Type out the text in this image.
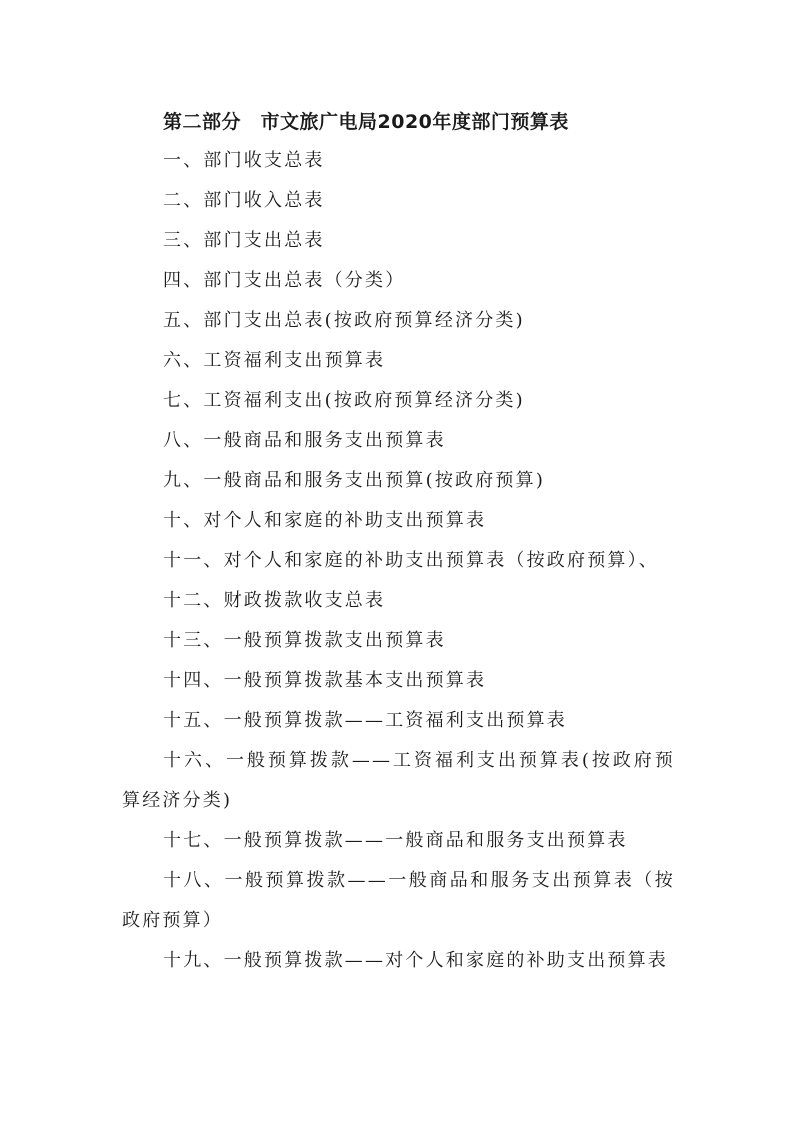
第二部分　市文旅广电局2020年度部门预算表
一、部门收支总表
二、部门收入总表
三、部门支出总表
四、部门支出总表（分类）
五、部门支出总表(按政府预算经济分类)
六、工资福利支出预算表
七、工资福利支出(按政府预算经济分类)
八、一般商品和服务支出预算表
九、一般商品和服务支出预算(按政府预算)
十、对个人和家庭的补助支出预算表
十一、对个人和家庭的补助支出预算表（按政府预算）、
十二、财政拨款收支总表
十三、一般预算拨款支出预算表
十四、一般预算拨款基本支出预算表
十五、一般预算拨款——工资福利支出预算表
十六、一般预算拨款——工资福利支出预算表(按政府预算经济分类)
十七、一般预算拨款——一般商品和服务支出预算表
十八、一般预算拨款——一般商品和服务支出预算表（按政府预算）
十九、一般预算拨款——对个人和家庭的补助支出预算表
